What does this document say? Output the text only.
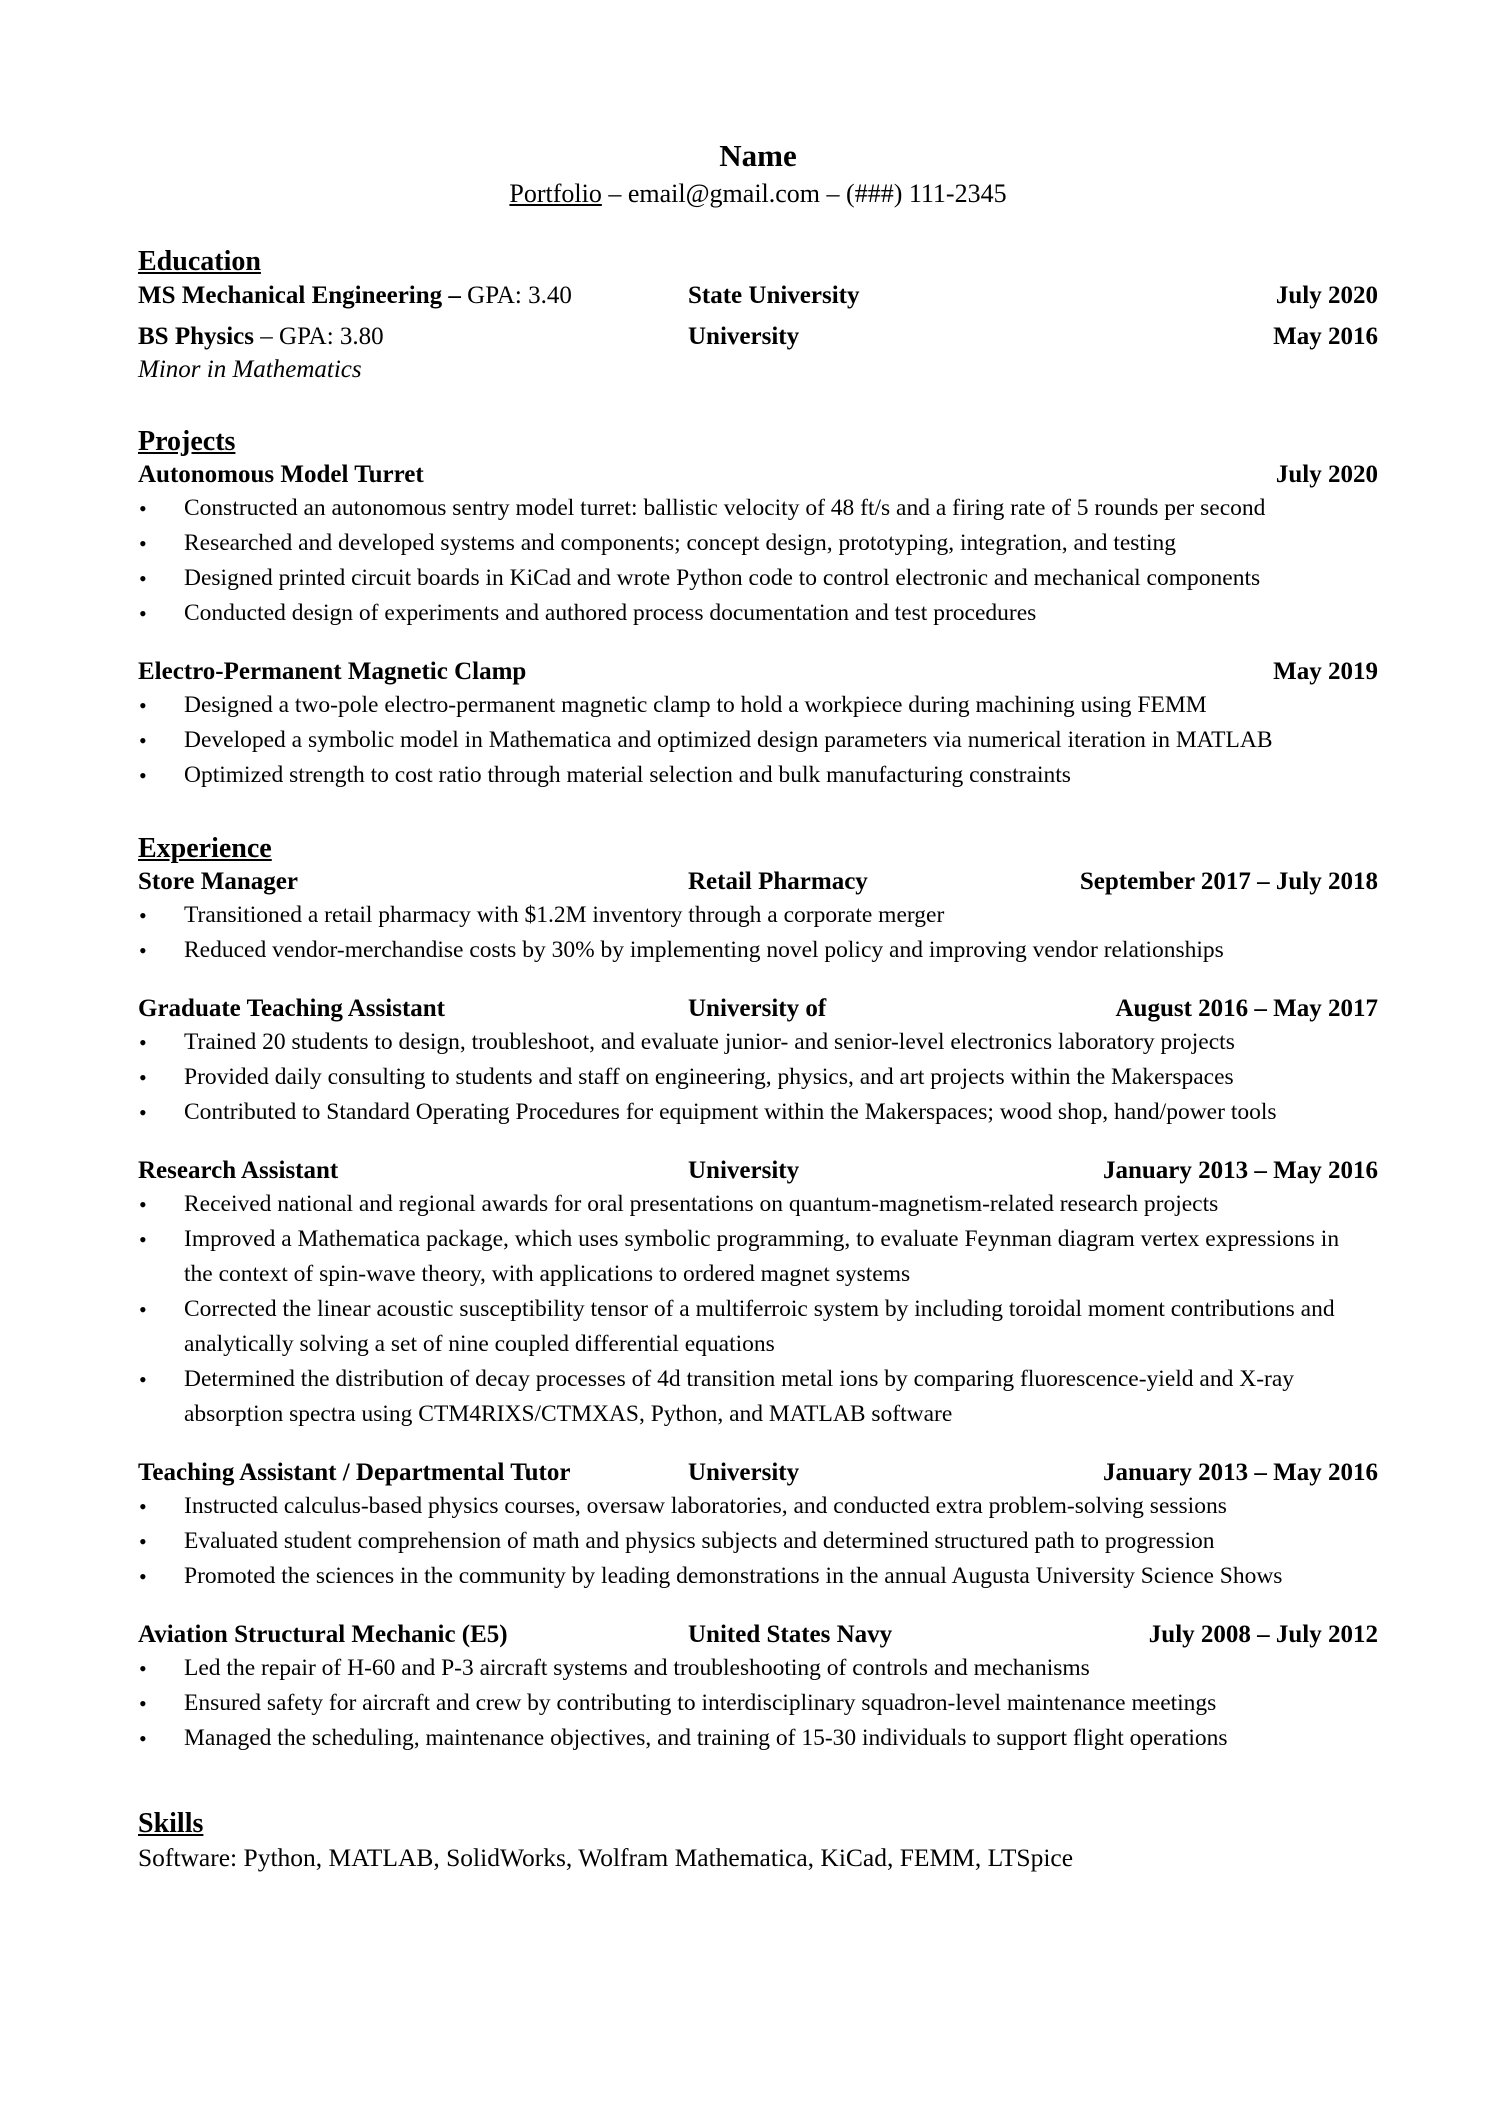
Name
Portfolio – email@gmail.com – (###) 111-2345
Education
MS Mechanical Engineering – GPA: 3.40	State University	July 2020
BS Physics – GPA: 3.80	University	May 2016
Minor in Mathematics
Projects
Autonomous Model Turret	July 2020
• Constructed an autonomous sentry model turret: ballistic velocity of 48 ft/s and a firing rate of 5 rounds per second
• Researched and developed systems and components; concept design, prototyping, integration, and testing
• Designed printed circuit boards in KiCad and wrote Python code to control electronic and mechanical components
• Conducted design of experiments and authored process documentation and test procedures
Electro-Permanent Magnetic Clamp	May 2019
• Designed a two-pole electro-permanent magnetic clamp to hold a workpiece during machining using FEMM
• Developed a symbolic model in Mathematica and optimized design parameters via numerical iteration in MATLAB
• Optimized strength to cost ratio through material selection and bulk manufacturing constraints
Experience
Store Manager	Retail Pharmacy	September 2017 – July 2018
• Transitioned a retail pharmacy with $1.2M inventory through a corporate merger
• Reduced vendor-merchandise costs by 30% by implementing novel policy and improving vendor relationships
Graduate Teaching Assistant	University of	August 2016 – May 2017
• Trained 20 students to design, troubleshoot, and evaluate junior- and senior-level electronics laboratory projects
• Provided daily consulting to students and staff on engineering, physics, and art projects within the Makerspaces
• Contributed to Standard Operating Procedures for equipment within the Makerspaces; wood shop, hand/power tools
Research Assistant	University	January 2013 – May 2016
• Received national and regional awards for oral presentations on quantum-magnetism-related research projects
• Improved a Mathematica package, which uses symbolic programming, to evaluate Feynman diagram vertex expressions in the context of spin-wave theory, with applications to ordered magnet systems
• Corrected the linear acoustic susceptibility tensor of a multiferroic system by including toroidal moment contributions and analytically solving a set of nine coupled differential equations
• Determined the distribution of decay processes of 4d transition metal ions by comparing fluorescence-yield and X-ray absorption spectra using CTM4RIXS/CTMXAS, Python, and MATLAB software
Teaching Assistant / Departmental Tutor	University	January 2013 – May 2016
• Instructed calculus-based physics courses, oversaw laboratories, and conducted extra problem-solving sessions
• Evaluated student comprehension of math and physics subjects and determined structured path to progression
• Promoted the sciences in the community by leading demonstrations in the annual Augusta University Science Shows
Aviation Structural Mechanic (E5)	United States Navy	July 2008 – July 2012
• Led the repair of H-60 and P-3 aircraft systems and troubleshooting of controls and mechanisms
• Ensured safety for aircraft and crew by contributing to interdisciplinary squadron-level maintenance meetings
• Managed the scheduling, maintenance objectives, and training of 15-30 individuals to support flight operations
Skills
Software: Python, MATLAB, SolidWorks, Wolfram Mathematica, KiCad, FEMM, LTSpice
